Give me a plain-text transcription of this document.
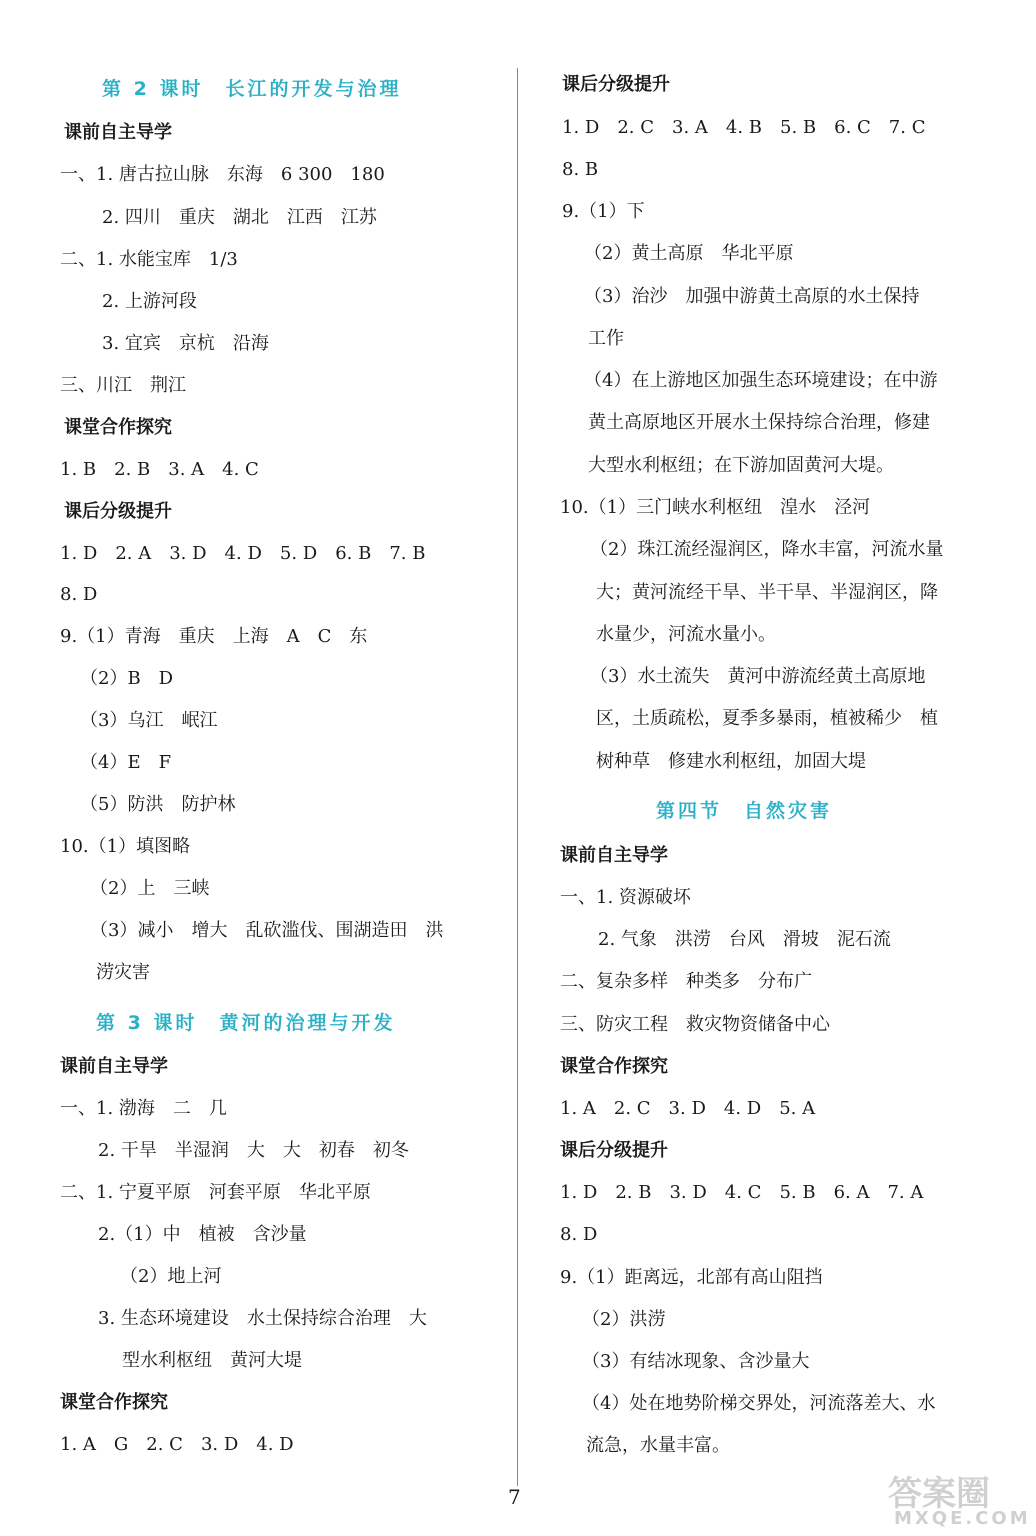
第 2 课时　长江的开发与治理
课前自主导学
一、1. 唐古拉山脉　东海　6 300　180
2. 四川　重庆　湖北　江西　江苏
二、1. 水能宝库　1/3
2. 上游河段
3. 宜宾　京杭　沿海
三、川江　荆江
课堂合作探究
1. B　2. B　3. A　4. C
课后分级提升
1. D　2. A　3. D　4. D　5. D　6. B　7. B
8. D
9.（1）青海　重庆　上海　A　C　东
（2）B　D
（3）乌江　岷江
（4）E　F
（5）防洪　防护林
10.（1）填图略
（2）上　三峡
（3）减小　增大　乱砍滥伐、围湖造田　洪
涝灾害
第 3 课时　黄河的治理与开发
课前自主导学
一、1. 渤海　二　几
2. 干旱　半湿润　大　大　初春　初冬
二、1. 宁夏平原　河套平原　华北平原
2.（1）中　植被　含沙量
（2）地上河
3. 生态环境建设　水土保持综合治理　大
型水利枢纽　黄河大堤
课堂合作探究
1. A　G　2. C　3. D　4. D
课后分级提升
1. D　2. C　3. A　4. B　5. B　6. C　7. C
8. B
9.（1）下
（2）黄土高原　华北平原
（3）治沙　加强中游黄土高原的水土保持
工作
（4）在上游地区加强生态环境建设；在中游
黄土高原地区开展水土保持综合治理，修建
大型水利枢纽；在下游加固黄河大堤。
10.（1）三门峡水利枢纽　湟水　泾河
（2）珠江流经湿润区，降水丰富，河流水量
大；黄河流经干旱、半干旱、半湿润区，降
水量少，河流水量小。
（3）水土流失　黄河中游流经黄土高原地
区，土质疏松，夏季多暴雨，植被稀少　植
树种草　修建水利枢纽，加固大堤
第四节　自然灾害
课前自主导学
一、1. 资源破坏
2. 气象　洪涝　台风　滑坡　泥石流
二、复杂多样　种类多　分布广
三、防灾工程　救灾物资储备中心
课堂合作探究
1. A　2. C　3. D　4. D　5. A
课后分级提升
1. D　2. B　3. D　4. C　5. B　6. A　7. A
8. D
9.（1）距离远，北部有高山阻挡
（2）洪涝
（3）有结冰现象、含沙量大
（4）处在地势阶梯交界处，河流落差大、水
流急，水量丰富。
7	答案圈
MXQE.COM
